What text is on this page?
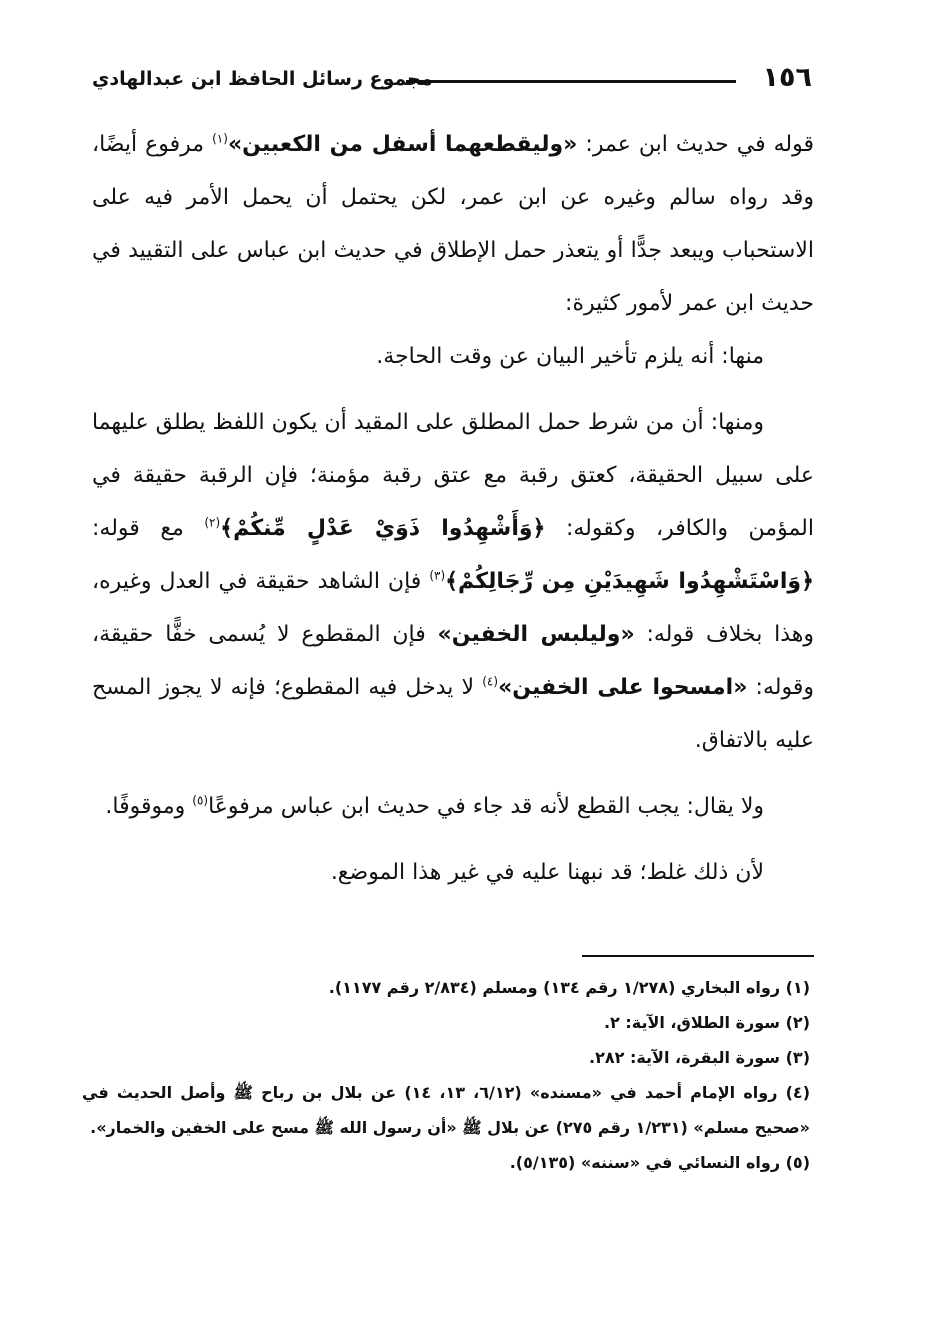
١٥٦
مجموع رسائل الحافظ ابن عبدالهادي

قوله في حديث ابن عمر: «وليقطعهما أسفل من الكعبين»$^{(١)}$ مرفوع أيضًا، وقد رواه سالم وغيره عن ابن عمر، لكن يحتمل أن يحمل الأمر فيه على الاستحباب ويبعد جدًّا أو يتعذر حمل الإطلاق في حديث ابن عباس على التقييد في حديث ابن عمر لأمور كثيرة:

منها: أنه يلزم تأخير البيان عن وقت الحاجة.

ومنها: أن من شرط حمل المطلق على المقيد أن يكون اللفظ يطلق عليهما على سبيل الحقيقة، كعتق رقبة مع عتق رقبة مؤمنة؛ فإن الرقبة حقيقة في المؤمن والكافر، وكقوله: ﴿وَأَشْهِدُوا ذَوَيْ عَدْلٍ مِّنكُمْ﴾$^{(٢)}$ مع قوله: ﴿وَاسْتَشْهِدُوا شَهِيدَيْنِ مِن رِّجَالِكُمْ﴾$^{(٣)}$ فإن الشاهد حقيقة في العدل وغيره، وهذا بخلاف قوله: «وليلبس الخفين» فإن المقطوع لا يُسمى خفًّا حقيقة، وقوله: «امسحوا على الخفين»$^{(٤)}$ لا يدخل فيه المقطوع؛ فإنه لا يجوز المسح عليه بالاتفاق.

ولا يقال: يجب القطع لأنه قد جاء في حديث ابن عباس مرفوعًا$^{(٥)}$ وموقوفًا.

لأن ذلك غلط؛ قد نبهنا عليه في غير هذا الموضع.

(١) رواه البخاري (١/٢٧٨ رقم ١٣٤) ومسلم (٢/٨٣٤ رقم ١١٧٧).

(٢) سورة الطلاق، الآية: ٢.

(٣) سورة البقرة، الآية: ٢٨٢.

(٤) رواه الإمام أحمد في «مسنده» (٦/١٢، ١٣، ١٤) عن بلال بن رباح ﷺ وأصل الحديث في «صحيح مسلم» (١/٢٣١ رقم ٢٧٥) عن بلال ﷺ «أن رسول الله ﷺ مسح على الخفين والخمار».

(٥) رواه النسائي في «سننه» (٥/١٣٥).
